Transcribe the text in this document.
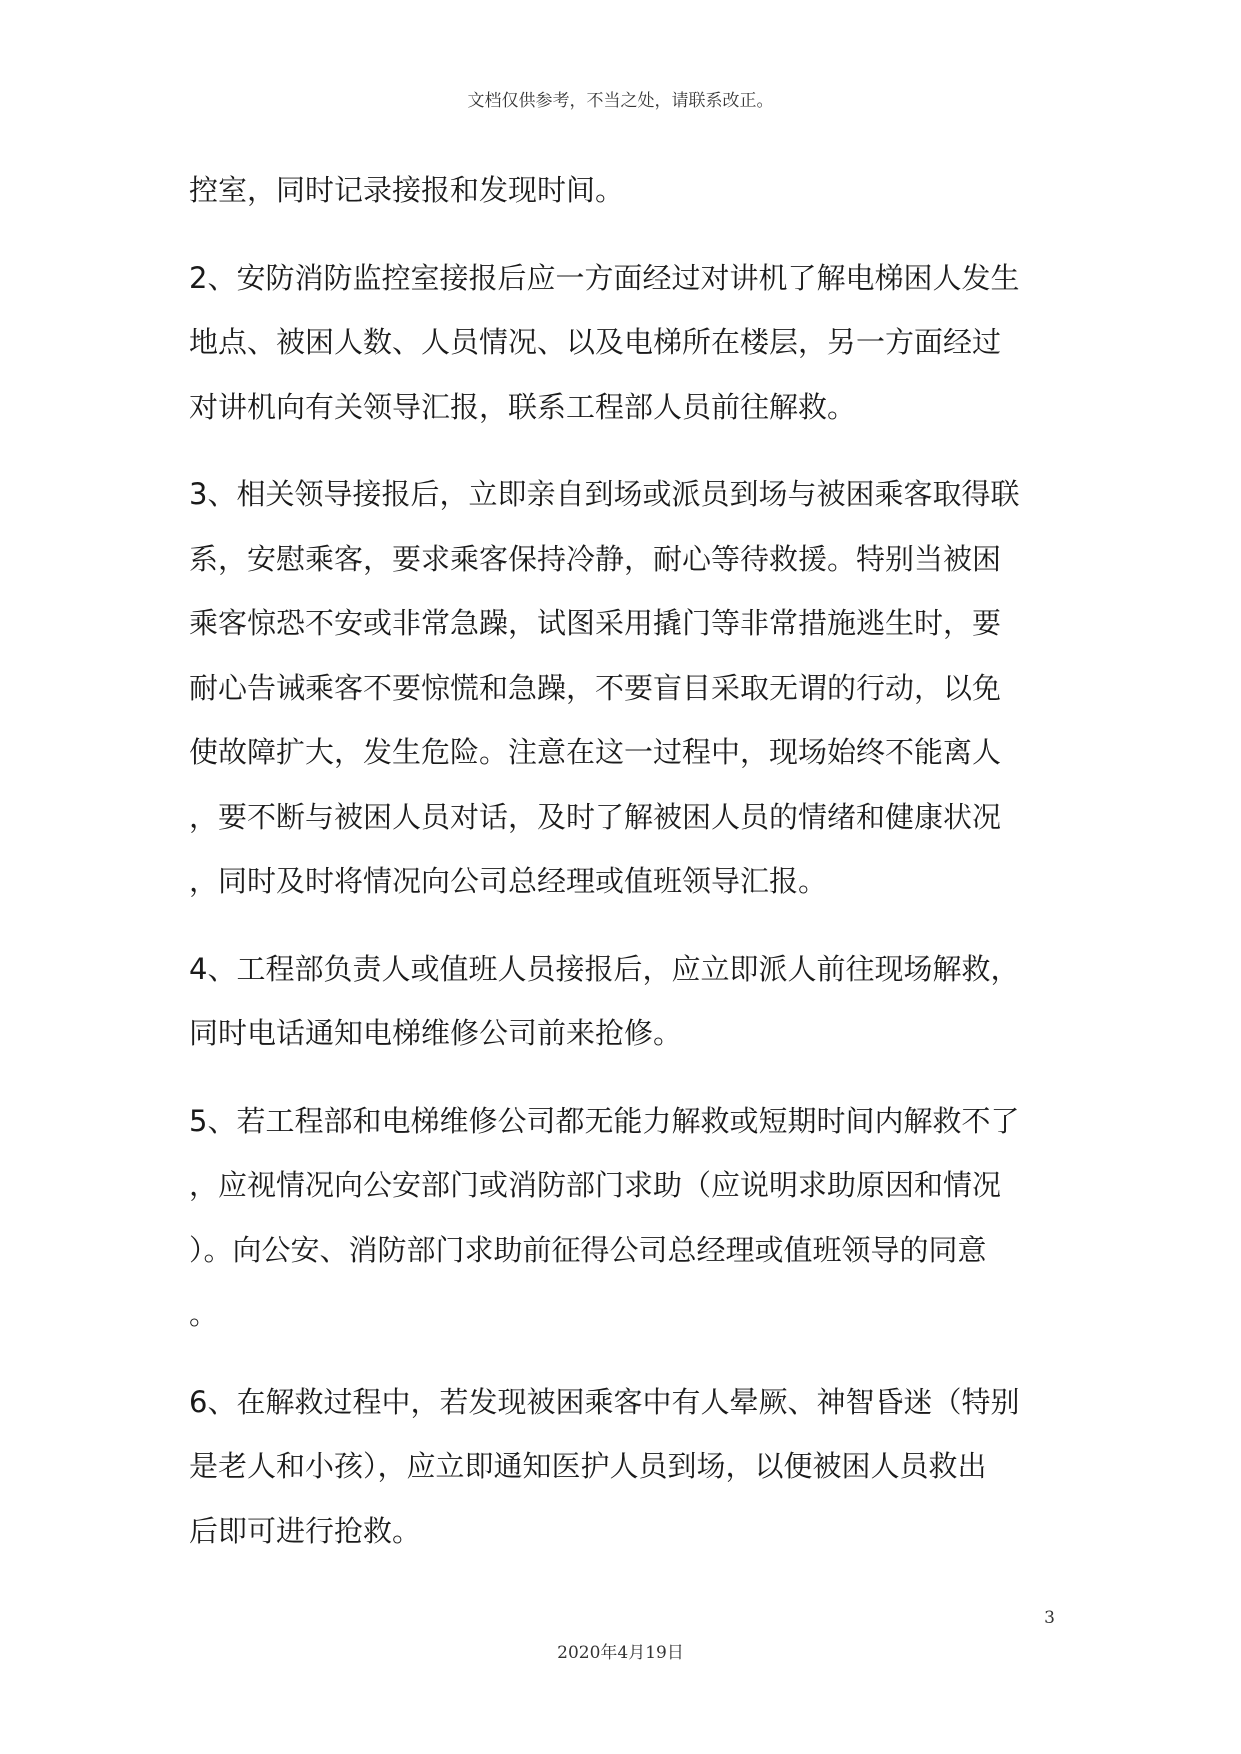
文档仅供参考，不当之处，请联系改正。
控室，同时记录接报和发现时间。
2、安防消防监控室接报后应一方面经过对讲机了解电梯困人发生
地点、被困人数、人员情况、以及电梯所在楼层，另一方面经过
对讲机向有关领导汇报，联系工程部人员前往解救。
3、相关领导接报后，立即亲自到场或派员到场与被困乘客取得联
系，安慰乘客，要求乘客保持冷静，耐心等待救援。特别当被困
乘客惊恐不安或非常急躁，试图采用撬门等非常措施逃生时，要
耐心告诫乘客不要惊慌和急躁，不要盲目采取无谓的行动，以免
使故障扩大，发生危险。注意在这一过程中，现场始终不能离人
，要不断与被困人员对话，及时了解被困人员的情绪和健康状况
，同时及时将情况向公司总经理或值班领导汇报。
4、工程部负责人或值班人员接报后，应立即派人前往现场解救，
同时电话通知电梯维修公司前来抢修。
5、若工程部和电梯维修公司都无能力解救或短期时间内解救不了
，应视情况向公安部门或消防部门求助（应说明求助原因和情况
）。向公安、消防部门求助前征得公司总经理或值班领导的同意
。
6、在解救过程中，若发现被困乘客中有人晕厥、神智昏迷（特别
是老人和小孩），应立即通知医护人员到场，以便被困人员救出
后即可进行抢救。
3
2020年4月19日
